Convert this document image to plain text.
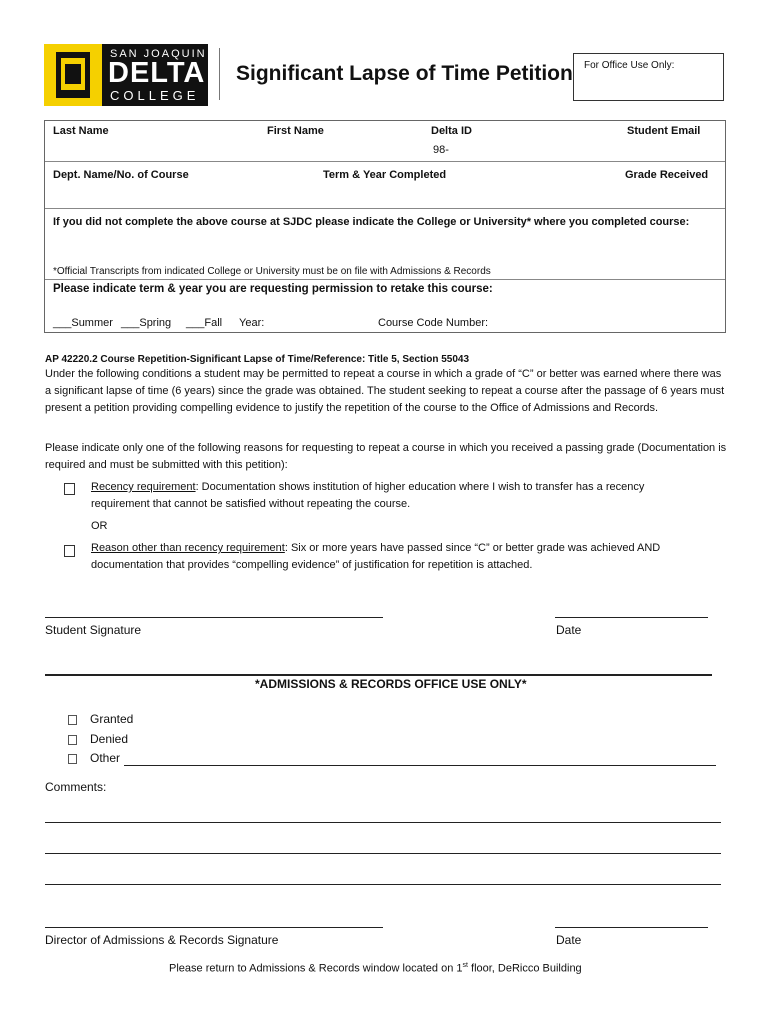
SAN JOAQUIN
DELTA
COLLEGE
Significant Lapse of Time Petition For Office Use Only:
Last Name	First Name	Delta ID	Student Email
98-
Dept. Name/No. of Course	Term & Year Completed	Grade Received
If you did not complete the above course at SJDC please indicate the College or University* where you completed course:
*Official Transcripts from indicated College or University must be on file with Admissions & Records
Please indicate term & year you are requesting permission to retake this course:
___Summer ___Spring ___Fall Year:	Course Code Number:
AP 42220.2 Course Repetition-Significant Lapse of Time/Reference: Title 5, Section 55043
Under the following conditions a student may be permitted to repeat a course in which a grade of “C” or better was earned where there was a significant lapse of time (6 years) since the grade was obtained. The student seeking to repeat a course after the passage of 6 years must present a petition providing compelling evidence to justify the repetition of the course to the Office of Admissions and Records.
Please indicate only one of the following reasons for requesting to repeat a course in which you received a passing grade (Documentation is required and must be submitted with this petition):
Recency requirement: Documentation shows institution of higher education where I wish to transfer has a recency requirement that cannot be satisfied without repeating the course.
OR
Reason other than recency requirement: Six or more years have passed since “C” or better grade was achieved AND documentation that provides “compelling evidence” of justification for repetition is attached.
Student Signature	Date
*ADMISSIONS & RECORDS OFFICE USE ONLY*
Granted
Denied
Other
Comments:
Director of Admissions & Records Signature	Date
Please return to Admissions & Records window located on 1st floor, DeRicco Building
